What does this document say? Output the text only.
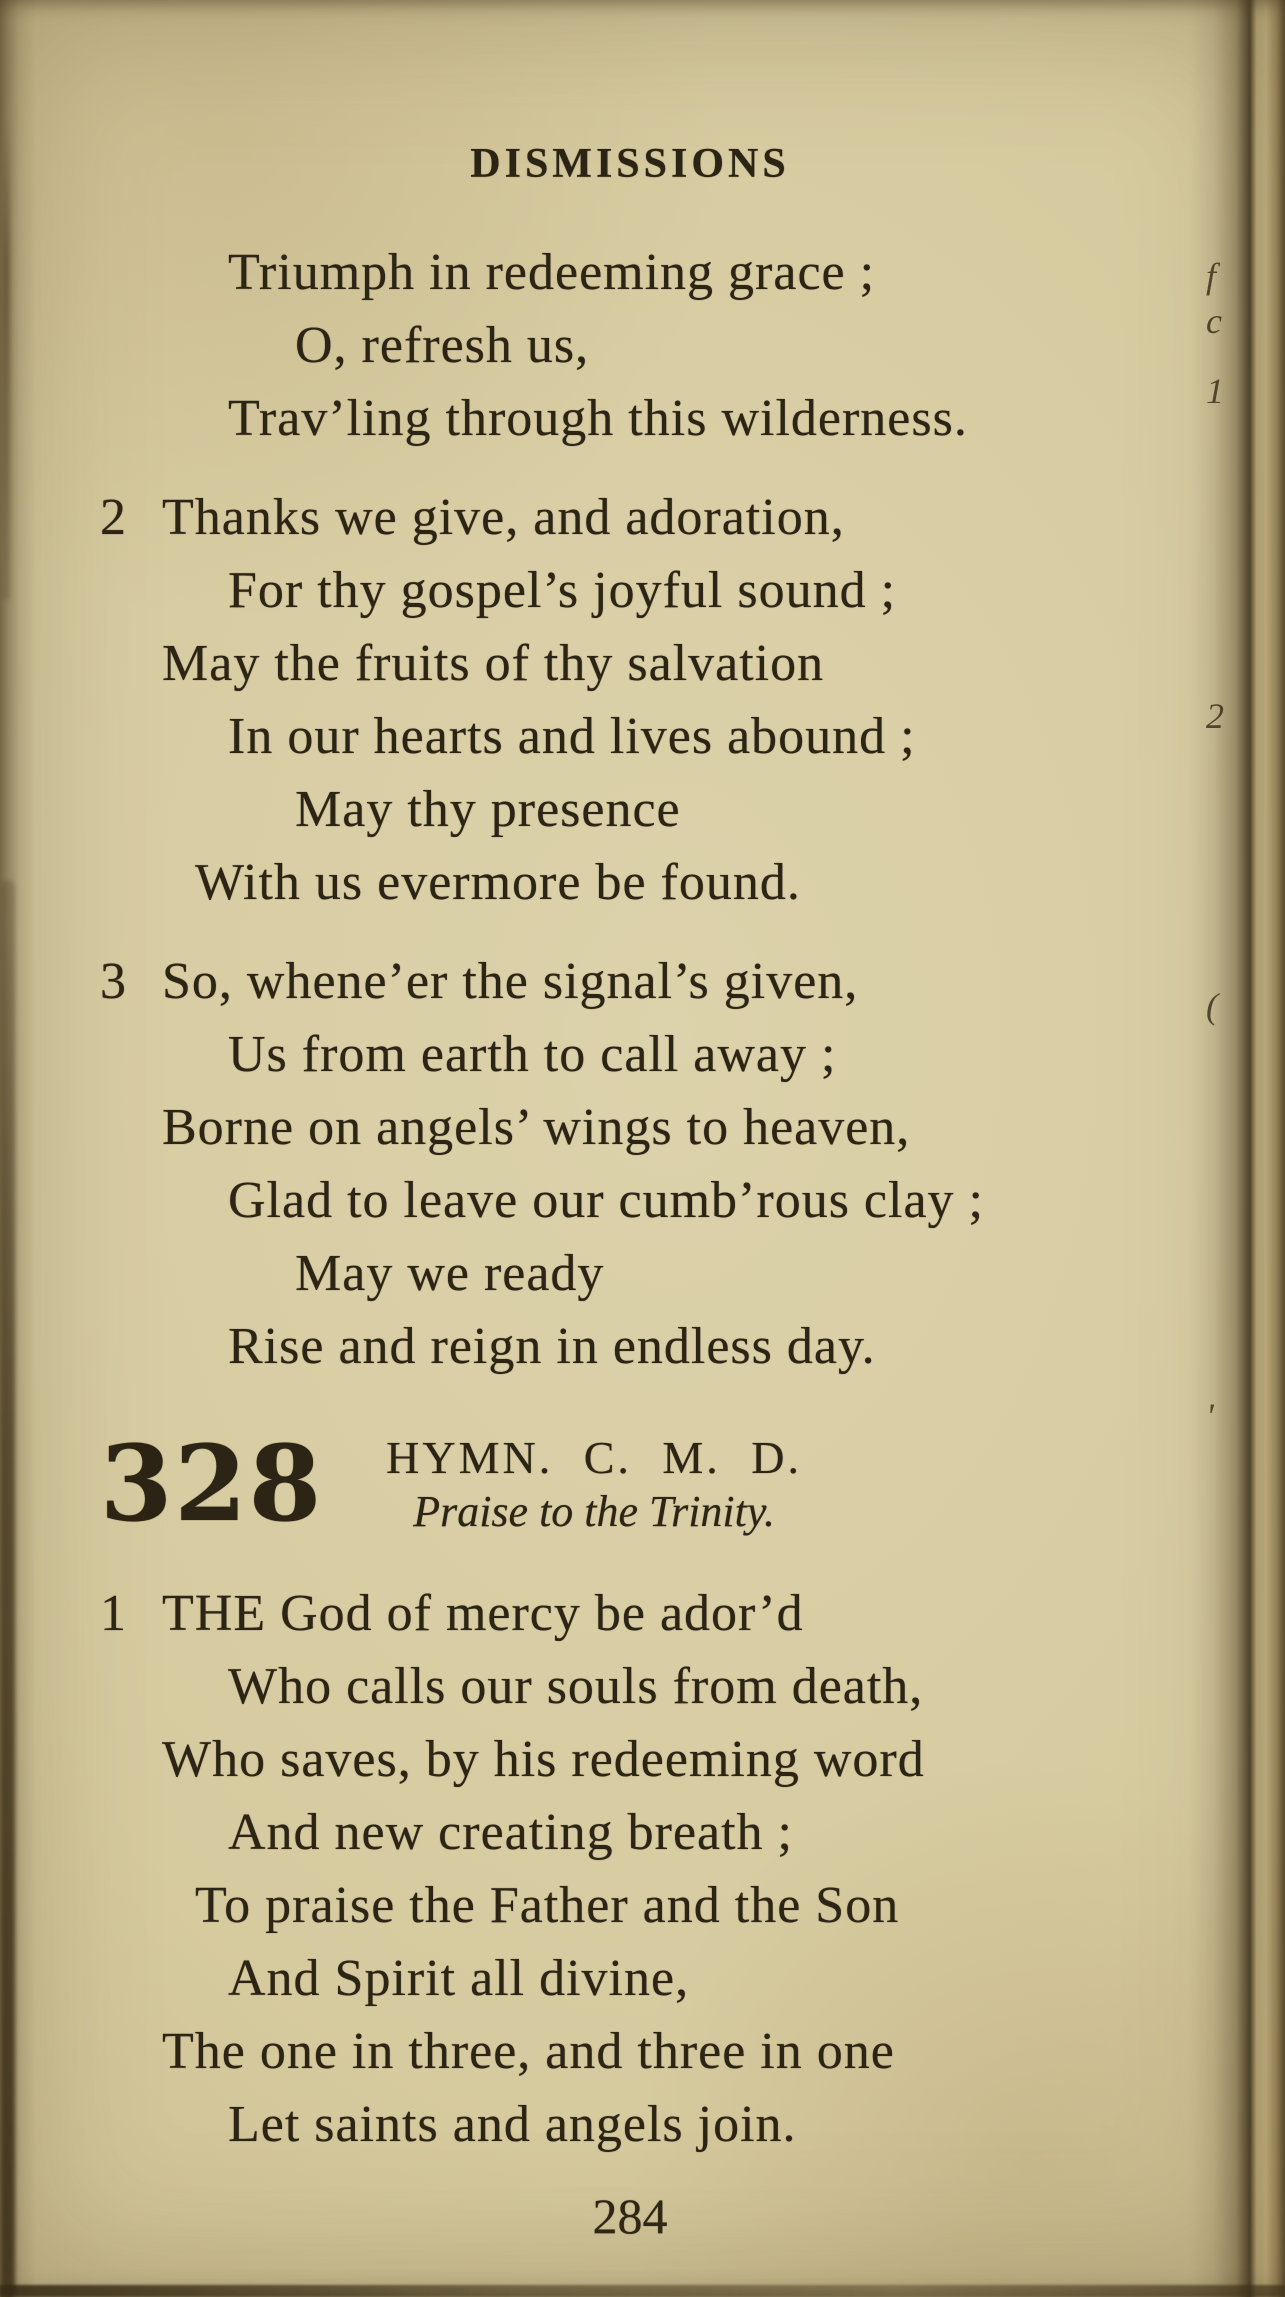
DISMISSIONS
Triumph in redeeming grace ;
O, refresh us,
Trav’ling through this wilderness.
2 Thanks we give, and adoration,
For thy gospel’s joyful sound ;
May the fruits of thy salvation
In our hearts and lives abound ;
May thy presence
With us evermore be found.
3 So, whene’er the signal’s given,
Us from earth to call away ;
Borne on angels’ wings to heaven,
Glad to leave our cumb’rous clay ;
May we ready
Rise and reign in endless day.
328	HYMN. C. M. D.
Praise to the Trinity.
1 THE God of mercy be ador’d
Who calls our souls from death,
Who saves, by his redeeming word
And new creating breath ;
To praise the Father and the Son
And Spirit all divine,
The one in three, and three in one
Let saints and angels join.
284
f
c
1
2
(
'
